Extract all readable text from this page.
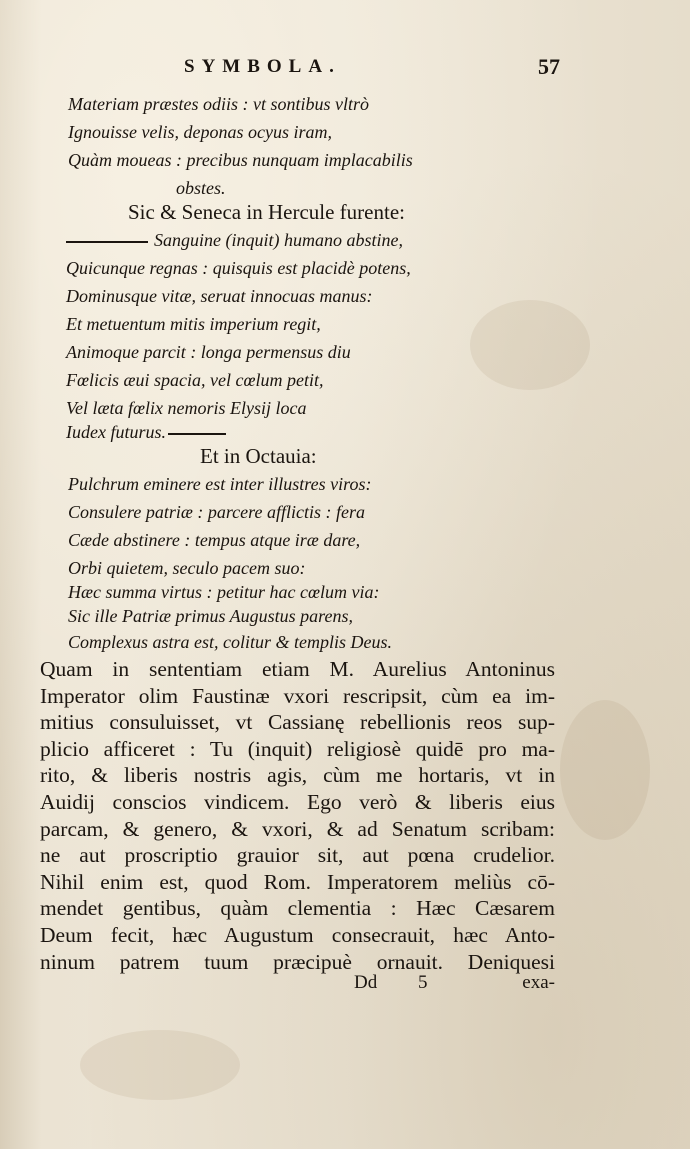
SYMBOLA.	57
Materiam præstes odiis : vt sontibus vltrò
Ignouisse velis, deponas ocyus iram,
Quàm moueas : precibus nunquam implacabilis
obstes.
Sic & Seneca in Hercule furente:
Sanguine (inquit) humano abstine,
Quicunque regnas : quisquis est placidè potens,
Dominusque vitæ, seruat innocuas manus:
Et metuentum mitis imperium regit,
Animoque parcit : longa permensus diu
Fœlicis æui spacia, vel cœlum petit,
Vel læta fœlix nemoris Elysij loca
Iudex futurus.
Et in Octauia:
Pulchrum eminere est inter illustres viros:
Consulere patriæ : parcere afflictis : fera
Cæde abstinere : tempus atque iræ dare,
Orbi quietem, seculo pacem suo:
Hæc summa virtus : petitur hac cœlum via:
Sic ille Patriæ primus Augustus parens,
Complexus astra est, colitur & templis Deus.
Quam in sententiam etiam M. Aurelius Antoninus
Imperator olim Faustinæ vxori rescripsit, cùm ea im-
mitius consuluisset, vt Cassianę rebellionis reos sup-
plicio afficeret : Tu (inquit) religiosè quidē pro ma-
rito, & liberis nostris agis, cùm me hortaris, vt in
Auidij conscios vindicem. Ego verò & liberis eius
parcam, & genero, & vxori, & ad Senatum scribam:
ne aut proscriptio grauior sit, aut pœna crudelior.
Nihil enim est, quod Rom. Imperatorem meliùs cō-
mendet gentibus, quàm clementia : Hæc Cæsarem
Deum fecit, hæc Augustum consecrauit, hæc Anto-
ninum patrem tuum præcipuè ornauit. Deniquesi
Dd 5	exa-
